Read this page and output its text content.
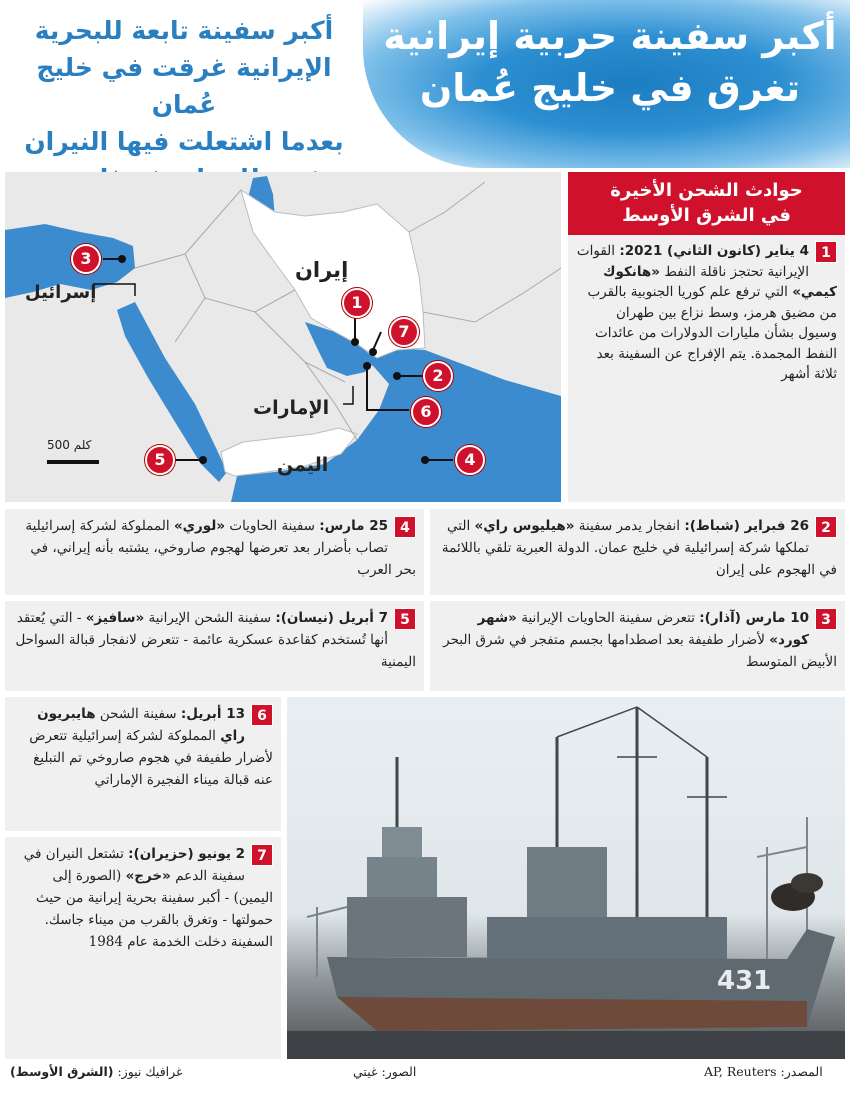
أكبر سفينة حربية إيرانية
تغرق في خليج عُمان
أكبر سفينة تابعة للبحرية
الإيرانية غرقت في خليج عُمان
بعدما اشتعلت فيها النيران
إيران
إسرائيل
الإمارات
اليمن
500 كلم
1
2
3
4
5
6
7
حوادث الشحن الأخيرة
في الشرق الأوسط
1
4 يناير (كانون الثاني) 2021: القوات الإيرانية تحتجز ناقلة النفط «هانكوك كيمي» التي ترفع علم كوريا الجنوبية بالقرب من مضيق هرمز، وسط نزاع بين طهران وسيول بشأن مليارات الدولارات من عائدات النفط المجمدة. يتم الإفراج عن السفينة بعد ثلاثة أشهر
2
26 فبراير (شباط): انفجار يدمر سفينة «هيليوس راي» التي تملكها شركة إسرائيلية في خليج عمان. الدولة العبرية تلقي باللائمة في الهجوم على إيران
3
10 مارس (آذار): تتعرض سفينة الحاويات الإيرانية «شهر كورد» لأضرار طفيفة بعد اصطدامها بجسم متفجر في شرق البحر الأبيض المتوسط
4
25 مارس: سفينة الحاويات «لوري» المملوكة لشركة إسرائيلية تصاب بأضرار بعد تعرضها لهجوم صاروخي، يشتبه بأنه إيراني، في بحر العرب
5
7 أبريل (نيسان): سفينة الشحن الإيرانية «سافيز» - التي يُعتقد أنها تُستخدم كقاعدة عسكرية عائمة - تتعرض لانفجار قبالة السواحل اليمنية
6
13 أبريل: سفينة الشحن هايبريون راي المملوكة لشركة إسرائيلية تتعرض لأضرار طفيفة في هجوم صاروخي تم التبليغ عنه قبالة ميناء الفجيرة الإماراتي
7
2 يونيو (حزيران): تشتعل النيران في سفينة الدعم «خرج» (الصورة إلى اليمين) - أكبر سفينة بحرية إيرانية من حيث حمولتها - وتغرق بالقرب من ميناء جاسك. السفينة دخلت الخدمة عام 1984
431
المصدر: AP, Reuters
الصور: غيتي
غرافيك نيوز: (الشرق الأوسط)
